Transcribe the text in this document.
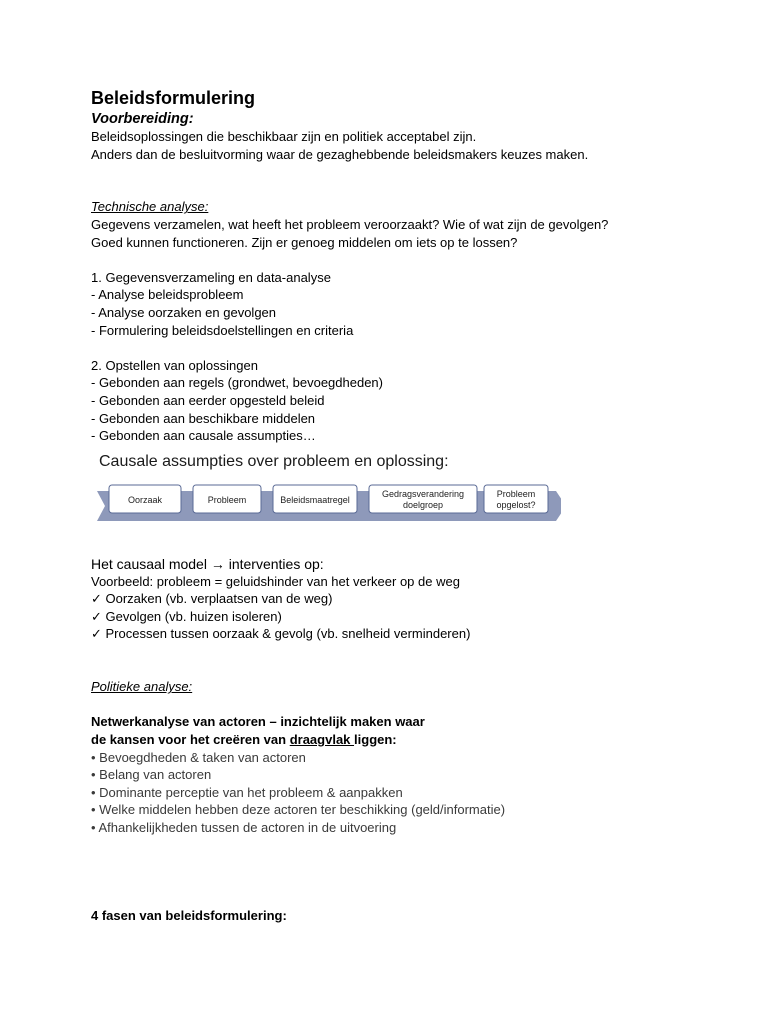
Beleidsformulering
Voorbereiding:
Beleidsoplossingen die beschikbaar zijn en politiek acceptabel zijn.
Anders dan de besluitvorming waar de gezaghebbende beleidsmakers keuzes maken.
Technische analyse:
Gegevens verzamelen, wat heeft het probleem veroorzaakt? Wie of wat zijn de gevolgen?
Goed kunnen functioneren. Zijn er genoeg middelen om iets op te lossen?
1. Gegevensverzameling en data-analyse
- Analyse beleidsprobleem
- Analyse oorzaken en gevolgen
- Formulering beleidsdoelstellingen en criteria
2. Opstellen van oplossingen
- Gebonden aan regels (grondwet, bevoegdheden)
- Gebonden aan eerder opgesteld beleid
- Gebonden aan beschikbare middelen
- Gebonden aan causale assumpties…
Causale assumpties over probleem en oplossing:
Oorzaak	Probleem	Beleidsmaatregel
Gedragsverandering
doelgroep
Probleem
opgelost?
Het causaal model → interventies op:
Voorbeeld: probleem = geluidshinder van het verkeer op de weg
✓ Oorzaken (vb. verplaatsen van de weg)
✓ Gevolgen (vb. huizen isoleren)
✓ Processen tussen oorzaak & gevolg (vb. snelheid verminderen)
Politieke analyse:
Netwerkanalyse van actoren – inzichtelijk maken waar
de kansen voor het creëren van draagvlak liggen:
• Bevoegdheden & taken van actoren
• Belang van actoren
• Dominante perceptie van het probleem & aanpakken
• Welke middelen hebben deze actoren ter beschikking (geld/informatie)
• Afhankelijkheden tussen de actoren in de uitvoering
4 fasen van beleidsformulering:
